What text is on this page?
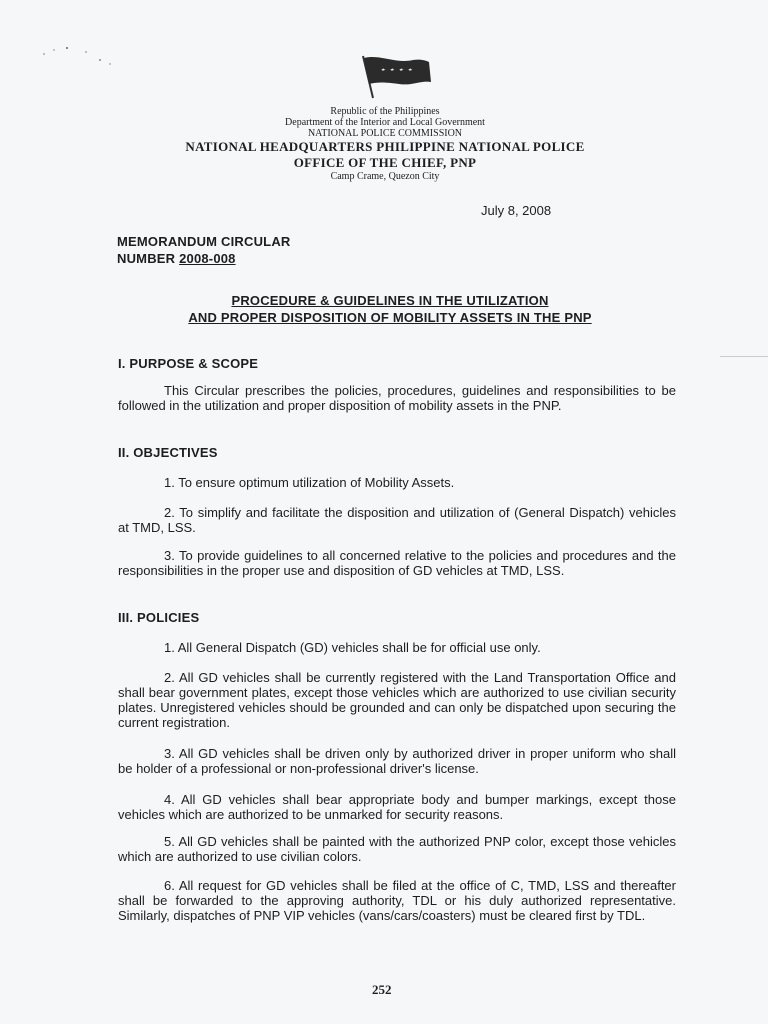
Republic of the Philippines
Department of the Interior and Local Government
NATIONAL POLICE COMMISSION
NATIONAL HEADQUARTERS PHILIPPINE NATIONAL POLICE
OFFICE OF THE CHIEF, PNP
Camp Crame, Quezon City
July 8, 2008
MEMORANDUM CIRCULAR
NUMBER 2008-008
PROCEDURE & GUIDELINES IN THE UTILIZATION
AND PROPER DISPOSITION OF MOBILITY ASSETS IN THE PNP
I. PURPOSE & SCOPE
This Circular prescribes the policies, procedures, guidelines and responsibilities to be followed in the utilization and proper disposition of mobility assets in the PNP.
II. OBJECTIVES
1. To ensure optimum utilization of Mobility Assets.
2. To simplify and facilitate the disposition and utilization of (General Dispatch) vehicles at TMD, LSS.
3. To provide guidelines to all concerned relative to the policies and procedures and the responsibilities in the proper use and disposition of GD vehicles at TMD, LSS.
III. POLICIES
1. All General Dispatch (GD) vehicles shall be for official use only.
2. All GD vehicles shall be currently registered with the Land Transportation Office and shall bear government plates, except those vehicles which are authorized to use civilian security plates. Unregistered vehicles should be grounded and can only be dispatched upon securing the current registration.
3. All GD vehicles shall be driven only by authorized driver in proper uniform who shall be holder of a professional or non-professional driver's license.
4. All GD vehicles shall bear appropriate body and bumper markings, except those vehicles which are authorized to be unmarked for security reasons.
5. All GD vehicles shall be painted with the authorized PNP color, except those vehicles which are authorized to use civilian colors.
6. All request for GD vehicles shall be filed at the office of C, TMD, LSS and thereafter shall be forwarded to the approving authority, TDL or his duly authorized representative. Similarly, dispatches of PNP VIP vehicles (vans/cars/coasters) must be cleared first by TDL.
252
